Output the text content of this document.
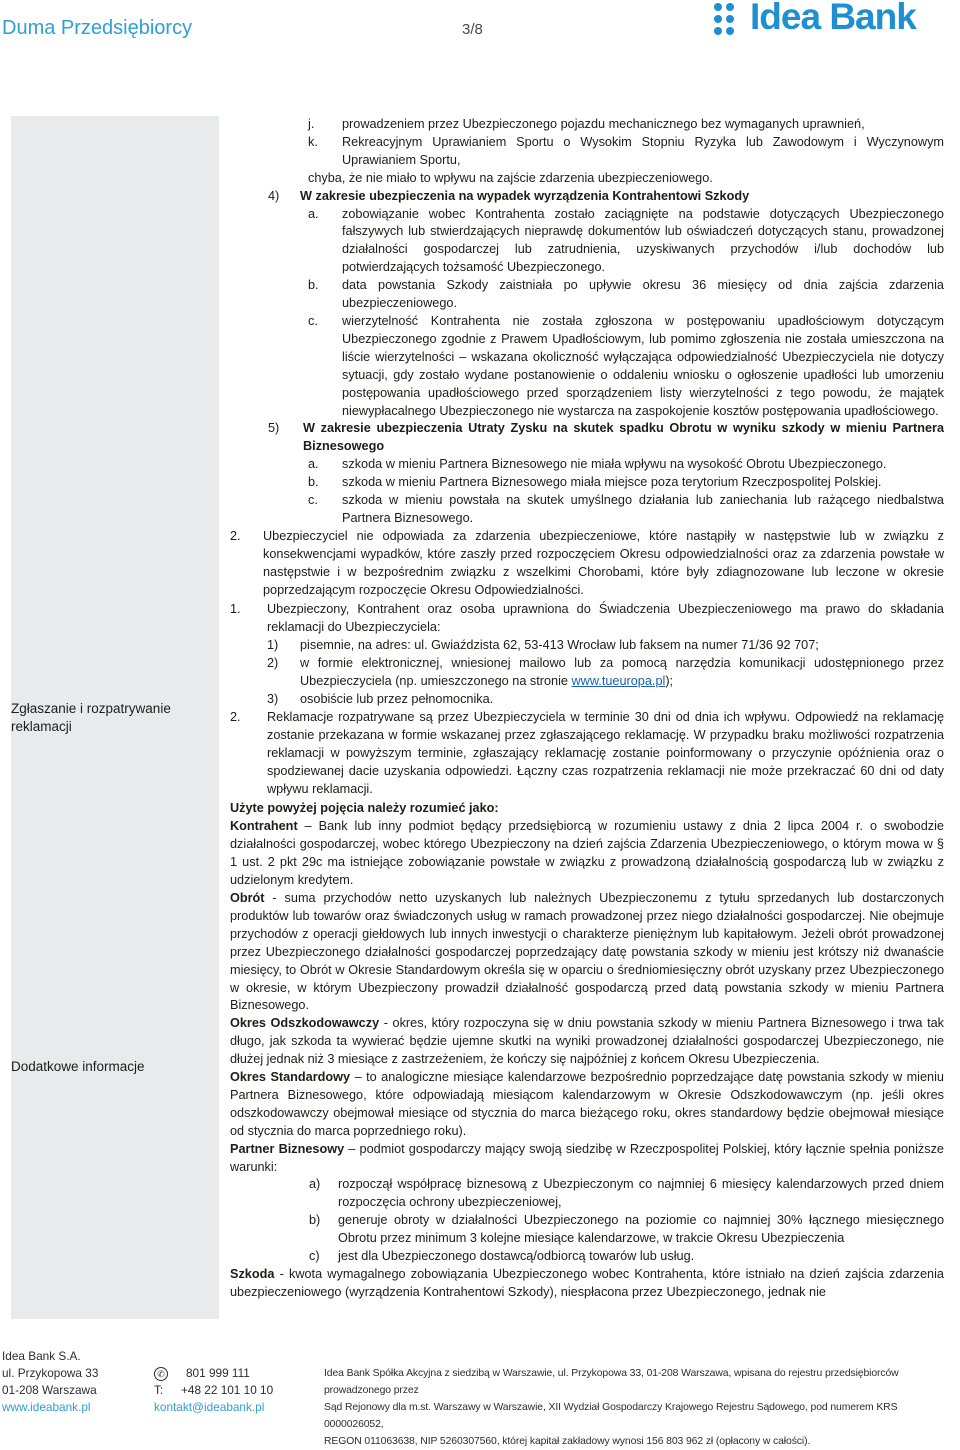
Duma Przedsiębiorcy	3/8	Idea Bank
Zgłaszanie i rozpatrywanie reklamacji
Dodatkowe informacje

j. prowadzeniem przez Ubezpieczonego pojazdu mechanicznego bez wymaganych uprawnień,

k. Rekreacyjnym Uprawianiem Sportu o Wysokim Stopniu Ryzyka lub Zawodowym i Wyczynowym Uprawianiem Sportu,

chyba, że nie miało to wpływu na zajście zdarzenia ubezpieczeniowego.

4) W zakresie ubezpieczenia na wypadek wyrządzenia Kontrahentowi Szkody

a. zobowiązanie wobec Kontrahenta zostało zaciągnięte na podstawie dotyczących Ubezpieczonego fałszywych lub stwierdzających nieprawdę dokumentów lub oświadczeń dotyczących stanu, prowadzonej działalności gospodarczej lub zatrudnienia, uzyskiwanych przychodów i/lub dochodów lub potwierdzających tożsamość Ubezpieczonego.

b. data powstania Szkody zaistniała po upływie okresu 36 miesięcy od dnia zajścia zdarzenia ubezpieczeniowego.

c. wierzytelność Kontrahenta nie została zgłoszona w postępowaniu upadłościowym dotyczącym Ubezpieczonego zgodnie z Prawem Upadłościowym, lub pomimo zgłoszenia nie została umieszczona na liście wierzytelności – wskazana okoliczność wyłączająca odpowiedzialność Ubezpieczyciela nie dotyczy sytuacji, gdy zostało wydane postanowienie o oddaleniu wniosku o ogłoszenie upadłości lub umorzeniu postępowania upadłościowego przed sporządzeniem listy wierzytelności z tego powodu, że majątek niewypłacalnego Ubezpieczonego nie wystarcza na zaspokojenie kosztów postępowania upadłościowego.

5) W zakresie ubezpieczenia Utraty Zysku na skutek spadku Obrotu w wyniku szkody w mieniu Partnera Biznesowego

a. szkoda w mieniu Partnera Biznesowego nie miała wpływu na wysokość Obrotu Ubezpieczonego.

b. szkoda w mieniu Partnera Biznesowego miała miejsce poza terytorium Rzeczpospolitej Polskiej.

c. szkoda w mieniu powstała na skutek umyślnego działania lub zaniechania lub rażącego niedbalstwa Partnera Biznesowego.

2. Ubezpieczyciel nie odpowiada za zdarzenia ubezpieczeniowe, które nastąpiły w następstwie lub w związku z konsekwencjami wypadków, które zaszły przed rozpoczęciem Okresu odpowiedzialności oraz za zdarzenia powstałe w następstwie i w bezpośrednim związku z wszelkimi Chorobami, które były zdiagnozowane lub leczone w okresie poprzedzającym rozpoczęcie Okresu Odpowiedzialności.

1. Ubezpieczony, Kontrahent oraz osoba uprawniona do Świadczenia Ubezpieczeniowego ma prawo do składania reklamacji do Ubezpieczyciela:

1) pisemnie, na adres: ul. Gwiaździsta 62, 53-413 Wrocław lub faksem na numer 71/36 92 707;

2) w formie elektronicznej, wniesionej mailowo lub za pomocą narzędzia komunikacji udostępnionego przez Ubezpieczyciela (np. umieszczonego na stronie www.tueuropa.pl);

3) osobiście lub przez pełnomocnika.

2. Reklamacje rozpatrywane są przez Ubezpieczyciela w terminie 30 dni od dnia ich wpływu. Odpowiedź na reklamację zostanie przekazana w formie wskazanej przez zgłaszającego reklamację. W przypadku braku możliwości rozpatrzenia reklamacji w powyższym terminie, zgłaszający reklamację zostanie poinformowany o przyczynie opóźnienia oraz o spodziewanej dacie uzyskania odpowiedzi. Łączny czas rozpatrzenia reklamacji nie może przekraczać 60 dni od daty wpływu reklamacji.

Użyte powyżej pojęcia należy rozumieć jako:

Kontrahent – Bank lub inny podmiot będący przedsiębiorcą w rozumieniu ustawy z dnia 2 lipca 2004 r. o swobodzie działalności gospodarczej, wobec którego Ubezpieczony na dzień zajścia Zdarzenia Ubezpieczeniowego, o którym mowa w § 1 ust. 2 pkt 29c ma istniejące zobowiązanie powstałe w związku z prowadzoną działalnością gospodarczą lub w związku z udzielonym kredytem.

Obrót - suma przychodów netto uzyskanych lub należnych Ubezpieczonemu z tytułu sprzedanych lub dostarczonych produktów lub towarów oraz świadczonych usług w ramach prowadzonej przez niego działalności gospodarczej. Nie obejmuje przychodów z operacji giełdowych lub innych inwestycji o charakterze pieniężnym lub kapitałowym. Jeżeli obrót prowadzonej przez Ubezpieczonego działalności gospodarczej poprzedzający datę powstania szkody w mieniu jest krótszy niż dwanaście miesięcy, to Obrót w Okresie Standardowym określa się w oparciu o średniomiesięczny obrót uzyskany przez Ubezpieczonego w okresie, w którym Ubezpieczony prowadził działalność gospodarczą przed datą powstania szkody w mieniu Partnera Biznesowego.

Okres Odszkodowawczy - okres, który rozpoczyna się w dniu powstania szkody w mieniu Partnera Biznesowego i trwa tak długo, jak szkoda ta wywierać będzie ujemne skutki na wyniki prowadzonej działalności gospodarczej Ubezpieczonego, nie dłużej jednak niż 3 miesiące z zastrzeżeniem, że kończy się najpóźniej z końcem Okresu Ubezpieczenia.

Okres Standardowy – to analogiczne miesiące kalendarzowe bezpośrednio poprzedzające datę powstania szkody w mieniu Partnera Biznesowego, które odpowiadają miesiącom kalendarzowym w Okresie Odszkodowawczym (np. jeśli okres odszkodowawczy obejmował miesiące od stycznia do marca bieżącego roku, okres standardowy będzie obejmował miesiące od stycznia do marca poprzedniego roku).

Partner Biznesowy – podmiot gospodarczy mający swoją siedzibę w Rzeczpospolitej Polskiej, który łącznie spełnia poniższe warunki:

a) rozpoczął współpracę biznesową z Ubezpieczonym co najmniej 6 miesięcy kalendarzowych przed dniem rozpoczęcia ochrony ubezpieczeniowej,

b) generuje obroty w działalności Ubezpieczonego na poziomie co najmniej 30% łącznego miesięcznego Obrotu przez minimum 3 kolejne miesiące kalendarzowe, w trakcie Okresu Ubezpieczenia

c) jest dla Ubezpieczonego dostawcą/odbiorcą towarów lub usług.

Szkoda - kwota wymagalnego zobowiązania Ubezpieczonego wobec Kontrahenta, które istniało na dzień zajścia zdarzenia ubezpieczeniowego (wyrządzenia Kontrahentowi Szkody), niespłacona przez Ubezpieczonego, jednak nie

Idea Bank S.A.
ul. Przykopowa 33
01-208 Warszawa
www.ideabank.pl
✆ 801 999 111
T: +48 22 101 10 10
kontakt@ideabank.pl
Idea Bank Spółka Akcyjna z siedzibą w Warszawie, ul. Przykopowa 33, 01-208 Warszawa, wpisana do rejestru przedsiębiorców prowadzonego przez
Sąd Rejonowy dla m.st. Warszawy w Warszawie, XII Wydział Gospodarczy Krajowego Rejestru Sądowego, pod numerem KRS 0000026052,
REGON 011063638, NIP 5260307560, której kapitał zakładowy wynosi 156 803 962 zł (opłacony w całości).
